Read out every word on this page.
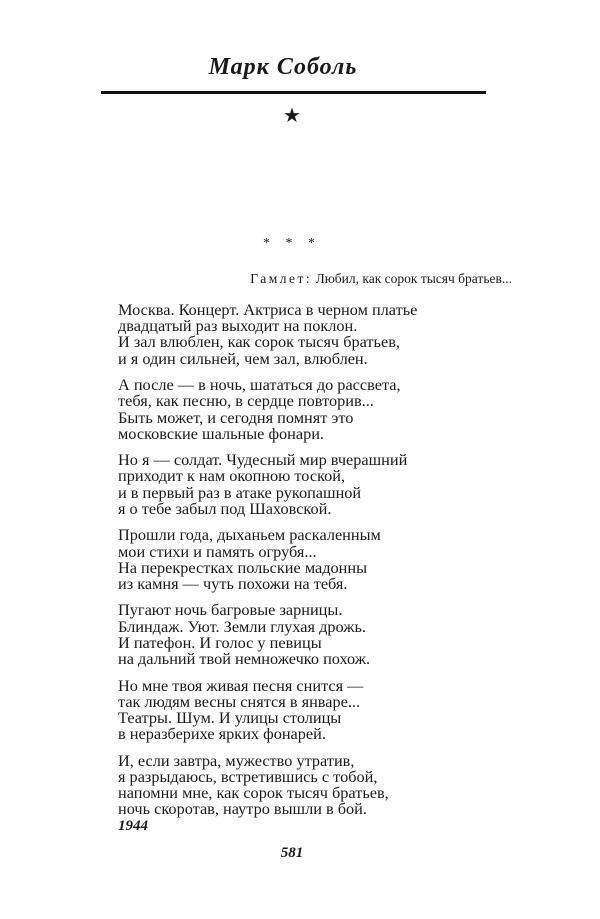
Марк Соболь
★
* * *
Гамлет: Любил, как сорок тысяч братьев...
Москва. Концерт. Актриса в черном платье
двадцатый раз выходит на поклон.
И зал влюблен, как сорок тысяч братьев,
и я один сильней, чем зал, влюблен.
А после — в ночь, шататься до рассвета,
тебя, как песню, в сердце повторив...
Быть может, и сегодня помнят это
московские шальные фонари.
Но я — солдат. Чудесный мир вчерашний
приходит к нам окопною тоской,
и в первый раз в атаке рукопашной
я о тебе забыл под Шаховской.
Прошли года, дыханьем раскаленным
мои стихи и память огрубя...
На перекрестках польские мадонны
из камня — чуть похожи на тебя.
Пугают ночь багровые зарницы.
Блиндаж. Уют. Земли глухая дрожь.
И патефон. И голос у певицы
на дальний твой немножечко похож.
Но мне твоя живая песня снится —
так людям весны снятся в январе...
Театры. Шум. И улицы столицы
в неразберихе ярких фонарей.
И, если завтра, мужество утратив,
я разрыдаюсь, встретившись с тобой,
напомни мне, как сорок тысяч братьев,
ночь скоротав, наутро вышли в бой.
1944
581
